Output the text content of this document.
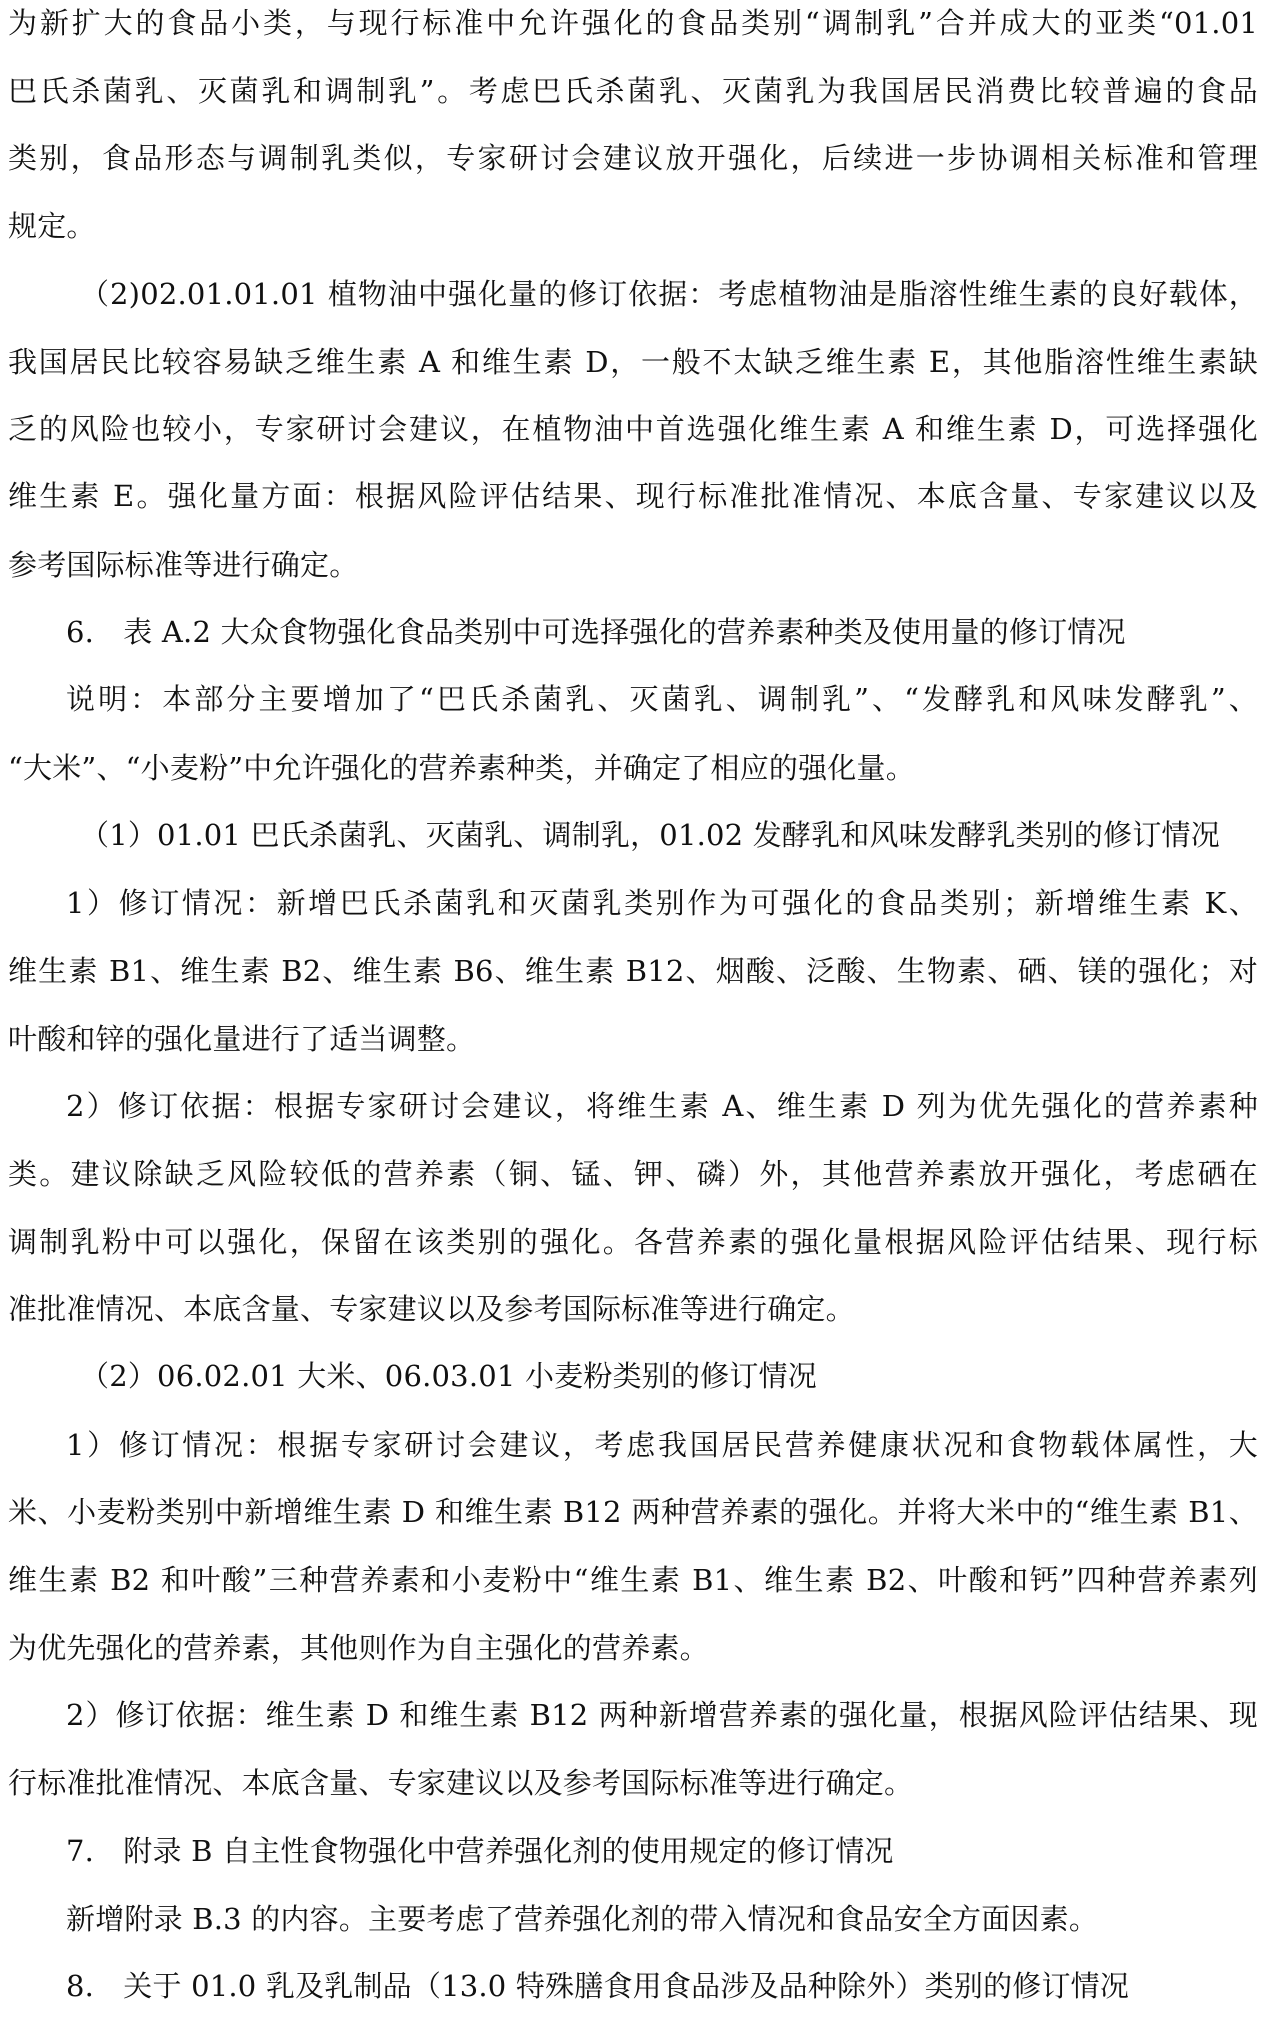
为新扩大的食品小类，与现行标准中允许强化的食品类别“调制乳”合并成大的亚类“01.01
巴氏杀菌乳、灭菌乳和调制乳”。考虑巴氏杀菌乳、灭菌乳为我国居民消费比较普遍的食品
类别，食品形态与调制乳类似，专家研讨会建议放开强化，后续进一步协调相关标准和管理
规定。
（2)02.01.01.01 植物油中强化量的修订依据：考虑植物油是脂溶性维生素的良好载体，
我国居民比较容易缺乏维生素 A 和维生素 D，一般不太缺乏维生素 E，其他脂溶性维生素缺
乏的风险也较小，专家研讨会建议，在植物油中首选强化维生素 A 和维生素 D，可选择强化
维生素 E。强化量方面：根据风险评估结果、现行标准批准情况、本底含量、专家建议以及
参考国际标准等进行确定。
6.　表 A.2 大众食物强化食品类别中可选择强化的营养素种类及使用量的修订情况
说明：本部分主要增加了“巴氏杀菌乳、灭菌乳、调制乳”、“发酵乳和风味发酵乳”、
“大米”、“小麦粉”中允许强化的营养素种类，并确定了相应的强化量。
（1）01.01 巴氏杀菌乳、灭菌乳、调制乳，01.02 发酵乳和风味发酵乳类别的修订情况
1）修订情况：新增巴氏杀菌乳和灭菌乳类别作为可强化的食品类别；新增维生素 K、
维生素 B1、维生素 B2、维生素 B6、维生素 B12、烟酸、泛酸、生物素、硒、镁的强化；对
叶酸和锌的强化量进行了适当调整。
2）修订依据：根据专家研讨会建议，将维生素 A、维生素 D 列为优先强化的营养素种
类。建议除缺乏风险较低的营养素（铜、锰、钾、磷）外，其他营养素放开强化，考虑硒在
调制乳粉中可以强化，保留在该类别的强化。各营养素的强化量根据风险评估结果、现行标
准批准情况、本底含量、专家建议以及参考国际标准等进行确定。
（2）06.02.01 大米、06.03.01 小麦粉类别的修订情况
1）修订情况：根据专家研讨会建议，考虑我国居民营养健康状况和食物载体属性，大
米、小麦粉类别中新增维生素 D 和维生素 B12 两种营养素的强化。并将大米中的“维生素 B1、
维生素 B2 和叶酸”三种营养素和小麦粉中“维生素 B1、维生素 B2、叶酸和钙”四种营养素列
为优先强化的营养素，其他则作为自主强化的营养素。
2）修订依据：维生素 D 和维生素 B12 两种新增营养素的强化量，根据风险评估结果、现
行标准批准情况、本底含量、专家建议以及参考国际标准等进行确定。
7.　附录 B 自主性食物强化中营养强化剂的使用规定的修订情况
新增附录 B.3 的内容。主要考虑了营养强化剂的带入情况和食品安全方面因素。
8.　关于 01.0 乳及乳制品（13.0 特殊膳食用食品涉及品种除外）类别的修订情况
